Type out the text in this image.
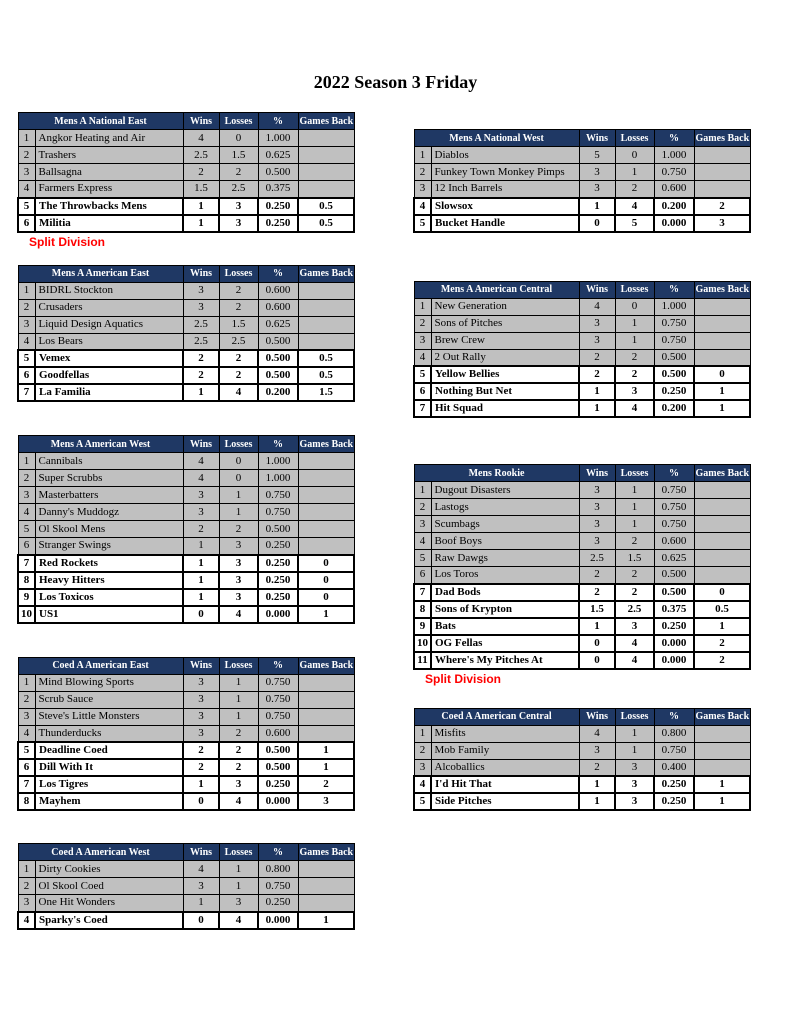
2022 Season 3 Friday
Mens A National East		Wins	Losses	%	Games Back
1	Angkor Heating and Air	4	0	1.000	
2	Trashers	2.5	1.5	0.625	
3	Ballsagna	2	2	0.500	
4	Farmers Express	1.5	2.5	0.375	
5	The Throwbacks Mens	1	3	0.250	0.5
6	Militia	1	3	0.250	0.5
Split Division
Mens A American East		Wins	Losses	%	Games Back
1	BIDRL Stockton	3	2	0.600	
2	Crusaders	3	2	0.600	
3	Liquid Design Aquatics	2.5	1.5	0.625	
4	Los Bears	2.5	2.5	0.500	
5	Vemex	2	2	0.500	0.5
6	Goodfellas	2	2	0.500	0.5
7	La Familia	1	4	0.200	1.5
Mens A American West		Wins	Losses	%	Games Back
1	Cannibals	4	0	1.000	
2	Super Scrubbs	4	0	1.000	
3	Masterbatters	3	1	0.750	
4	Danny's Muddogz	3	1	0.750	
5	Ol Skool Mens	2	2	0.500	
6	Stranger Swings	1	3	0.250	
7	Red Rockets	1	3	0.250	0
8	Heavy Hitters	1	3	0.250	0
9	Los Toxicos	1	3	0.250	0
10	US1	0	4	0.000	1
Coed A American East		Wins	Losses	%	Games Back
1	Mind Blowing Sports	3	1	0.750	
2	Scrub Sauce	3	1	0.750	
3	Steve's Little Monsters	3	1	0.750	
4	Thunderducks	3	2	0.600	
5	Deadline Coed	2	2	0.500	1
6	Dill With It	2	2	0.500	1
7	Los Tigres	1	3	0.250	2
8	Mayhem	0	4	0.000	3
Coed A American West		Wins	Losses	%	Games Back
1	Dirty Cookies	4	1	0.800	
2	Ol Skool Coed	3	1	0.750	
3	One Hit Wonders	1	3	0.250	
4	Sparky's Coed	0	4	0.000	1
Mens A National West		Wins	Losses	%	Games Back
1	Diablos	5	0	1.000	
2	Funkey Town Monkey Pimps	3	1	0.750	
3	12 Inch Barrels	3	2	0.600	
4	Slowsox	1	4	0.200	2
5	Bucket Handle	0	5	0.000	3
Mens A American Central		Wins	Losses	%	Games Back
1	New Generation	4	0	1.000	
2	Sons of Pitches	3	1	0.750	
3	Brew Crew	3	1	0.750	
4	2 Out Rally	2	2	0.500	
5	Yellow Bellies	2	2	0.500	0
6	Nothing But Net	1	3	0.250	1
7	Hit Squad	1	4	0.200	1
Mens Rookie		Wins	Losses	%	Games Back
1	Dugout Disasters	3	1	0.750	
2	Lastogs	3	1	0.750	
3	Scumbags	3	1	0.750	
4	Boof Boys	3	2	0.600	
5	Raw Dawgs	2.5	1.5	0.625	
6	Los Toros	2	2	0.500	
7	Dad Bods	2	2	0.500	0
8	Sons of Krypton	1.5	2.5	0.375	0.5
9	Bats	1	3	0.250	1
10	OG Fellas	0	4	0.000	2
11	Where's My Pitches At	0	4	0.000	2
Split Division
Coed A American Central		Wins	Losses	%	Games Back
1	Misfits	4	1	0.800	
2	Mob Family	3	1	0.750	
3	Alcoballics	2	3	0.400	
4	I'd Hit That	1	3	0.250	1
5	Side Pitches	1	3	0.250	1
